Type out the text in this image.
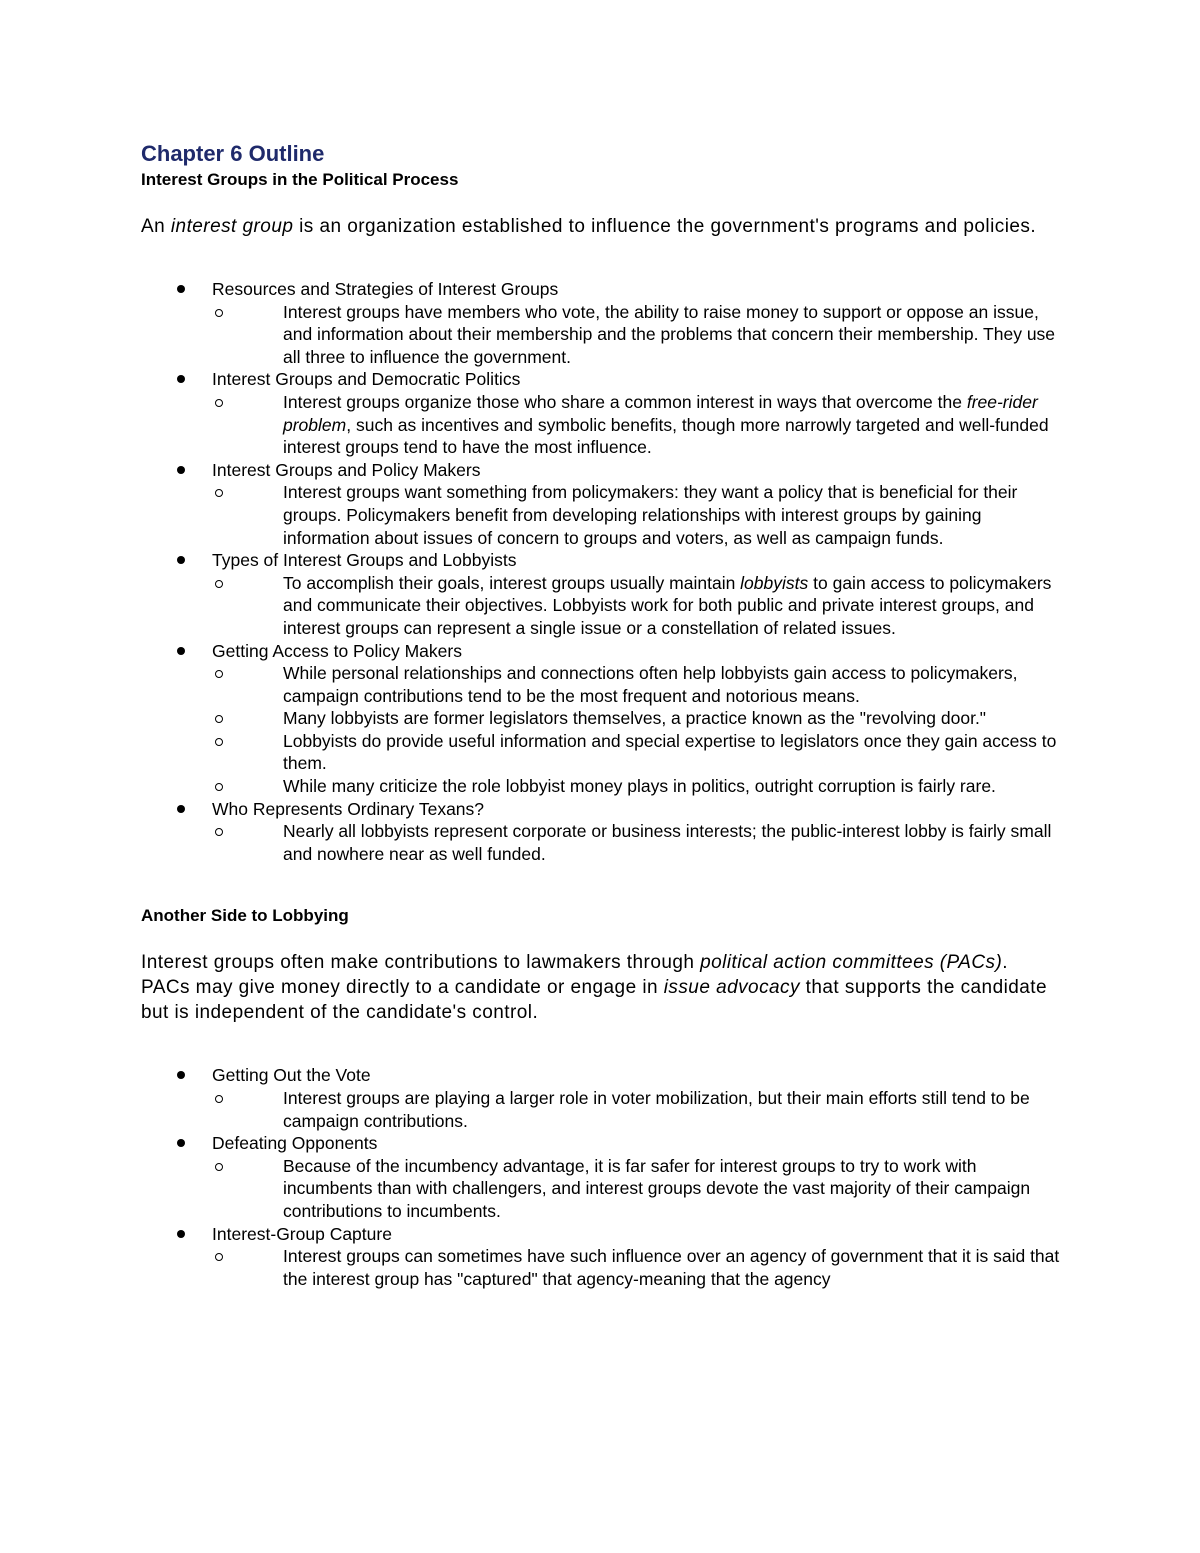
Chapter 6 Outline
Interest Groups in the Political Process

An interest group is an organization established to influence the government's programs and policies.

Resources and Strategies of Interest Groups
Interest groups have members who vote, the ability to raise money to support or oppose an issue, and information about their membership and the problems that concern their membership. They use all three to influence the government.
Interest Groups and Democratic Politics
Interest groups organize those who share a common interest in ways that overcome the free-rider problem, such as incentives and symbolic benefits, though more narrowly targeted and well-funded interest groups tend to have the most influence.
Interest Groups and Policy Makers
Interest groups want something from policymakers: they want a policy that is beneficial for their groups. Policymakers benefit from developing relationships with interest groups by gaining information about issues of concern to groups and voters, as well as campaign funds.
Types of Interest Groups and Lobbyists
To accomplish their goals, interest groups usually maintain lobbyists to gain access to policymakers and communicate their objectives. Lobbyists work for both public and private interest groups, and interest groups can represent a single issue or a constellation of related issues.
Getting Access to Policy Makers
While personal relationships and connections often help lobbyists gain access to policymakers, campaign contributions tend to be the most frequent and notorious means.
Many lobbyists are former legislators themselves, a practice known as the "revolving door."
Lobbyists do provide useful information and special expertise to legislators once they gain access to them.
While many criticize the role lobbyist money plays in politics, outright corruption is fairly rare.
Who Represents Ordinary Texans?
Nearly all lobbyists represent corporate or business interests; the public-interest lobby is fairly small and nowhere near as well funded.
Another Side to Lobbying

Interest groups often make contributions to lawmakers through political action committees (PACs). PACs may give money directly to a candidate or engage in issue advocacy that supports the candidate but is independent of the candidate's control.

Getting Out the Vote
Interest groups are playing a larger role in voter mobilization, but their main efforts still tend to be campaign contributions.
Defeating Opponents
Because of the incumbency advantage, it is far safer for interest groups to try to work with incumbents than with challengers, and interest groups devote the vast majority of their campaign contributions to incumbents.
Interest-Group Capture
Interest groups can sometimes have such influence over an agency of government that it is said that the interest group has "captured" that agency-meaning that the agency
